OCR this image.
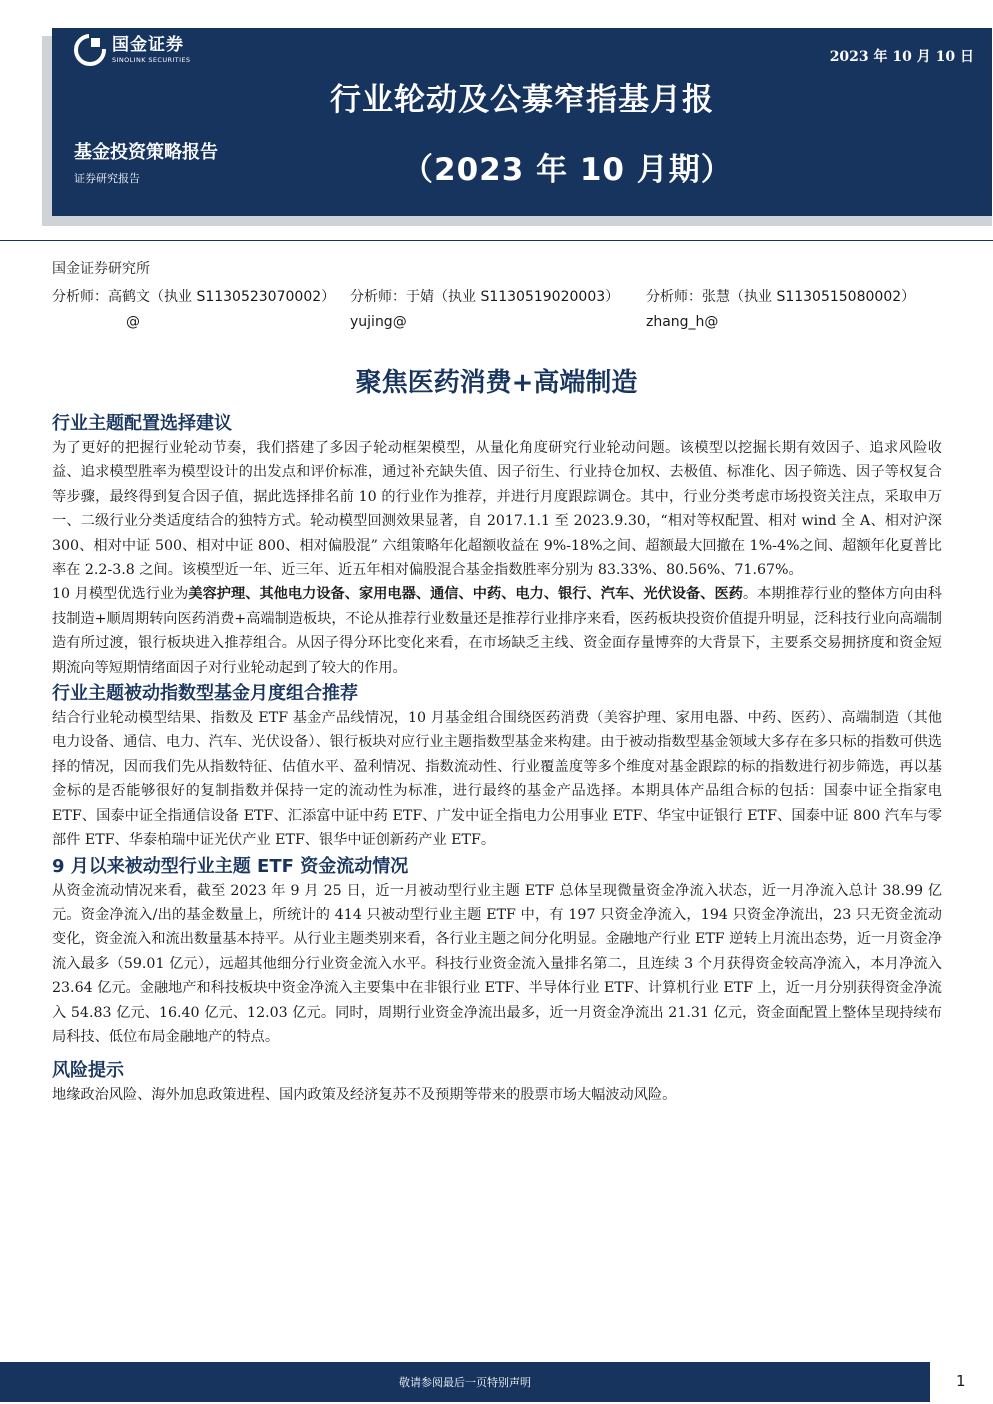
国金证券
SINOLINK SECURITIES	2023 年 10 月 10 日
行业轮动及公募窄指基月报
（2023 年 10 月期）
基金投资策略报告
证券研究报告
国金证券研究所
分析师：高鹤文（执业 S1130523070002） 分析师：于婧（执业 S1130519020003） 分析师：张慧（执业 S1130515080002）
@	yujing@	zhang_h@
聚焦医药消费+高端制造
行业主题配置选择建议

为了更好的把握行业轮动节奏，我们搭建了多因子轮动框架模型，从量化角度研究行业轮动问题。该模型以挖掘长期有效因子、追求风险收益、追求模型胜率为模型设计的出发点和评价标准，通过补充缺失值、因子衍生、行业持仓加权、去极值、标准化、因子筛选、因子等权复合等步骤，最终得到复合因子值，据此选择排名前 10 的行业作为推荐，并进行月度跟踪调仓。其中，行业分类考虑市场投资关注点，采取申万一、二级行业分类适度结合的独特方式。轮动模型回测效果显著，自 2017.1.1 至 2023.9.30，“相对等权配置、相对 wind 全 A、相对沪深 300、相对中证 500、相对中证 800、相对偏股混” 六组策略年化超额收益在 9%-18%之间、超额最大回撤在 1%-4%之间、超额年化夏普比率在 2.2-3.8 之间。该模型近一年、近三年、近五年相对偏股混合基金指数胜率分别为 83.33%、80.56%、71.67%。

10 月模型优选行业为美容护理、其他电力设备、家用电器、通信、中药、电力、银行、汽车、光伏设备、医药。本期推荐行业的整体方向由科技制造+顺周期转向医药消费+高端制造板块，不论从推荐行业数量还是推荐行业排序来看，医药板块投资价值提升明显，泛科技行业向高端制造有所过渡，银行板块进入推荐组合。从因子得分环比变化来看，在市场缺乏主线、资金面存量博弈的大背景下，主要系交易拥挤度和资金短期流向等短期情绪面因子对行业轮动起到了较大的作用。

行业主题被动指数型基金月度组合推荐

结合行业轮动模型结果、指数及 ETF 基金产品线情况，10 月基金组合围绕医药消费（美容护理、家用电器、中药、医药）、高端制造（其他电力设备、通信、电力、汽车、光伏设备）、银行板块对应行业主题指数型基金来构建。由于被动指数型基金领域大多存在多只标的指数可供选择的情况，因而我们先从指数特征、估值水平、盈利情况、指数流动性、行业覆盖度等多个维度对基金跟踪的标的指数进行初步筛选，再以基金标的是否能够很好的复制指数并保持一定的流动性为标准，进行最终的基金产品选择。本期具体产品组合标的包括：国泰中证全指家电 ETF、国泰中证全指通信设备 ETF、汇添富中证中药 ETF、广发中证全指电力公用事业 ETF、华宝中证银行 ETF、国泰中证 800 汽车与零部件 ETF、华泰柏瑞中证光伏产业 ETF、银华中证创新药产业 ETF。

9 月以来被动型行业主题 ETF 资金流动情况

从资金流动情况来看，截至 2023 年 9 月 25 日，近一月被动型行业主题 ETF 总体呈现微量资金净流入状态，近一月净流入总计 38.99 亿元。资金净流入/出的基金数量上，所统计的 414 只被动型行业主题 ETF 中，有 197 只资金净流入，194 只资金净流出，23 只无资金流动变化，资金流入和流出数量基本持平。从行业主题类别来看，各行业主题之间分化明显。金融地产行业 ETF 逆转上月流出态势，近一月资金净流入最多（59.01 亿元），远超其他细分行业资金流入水平。科技行业资金流入量排名第二，且连续 3 个月获得资金较高净流入，本月净流入 23.64 亿元。金融地产和科技板块中资金净流入主要集中在非银行业 ETF、半导体行业 ETF、计算机行业 ETF 上，近一月分别获得资金净流入 54.83 亿元、16.40 亿元、12.03 亿元。同时，周期行业资金净流出最多，近一月资金净流出 21.31 亿元，资金面配置上整体呈现持续布局科技、低位布局金融地产的特点。

风险提示

地缘政治风险、海外加息政策进程、国内政策及经济复苏不及预期等带来的股票市场大幅波动风险。

敬请参阅最后一页特别声明	1
